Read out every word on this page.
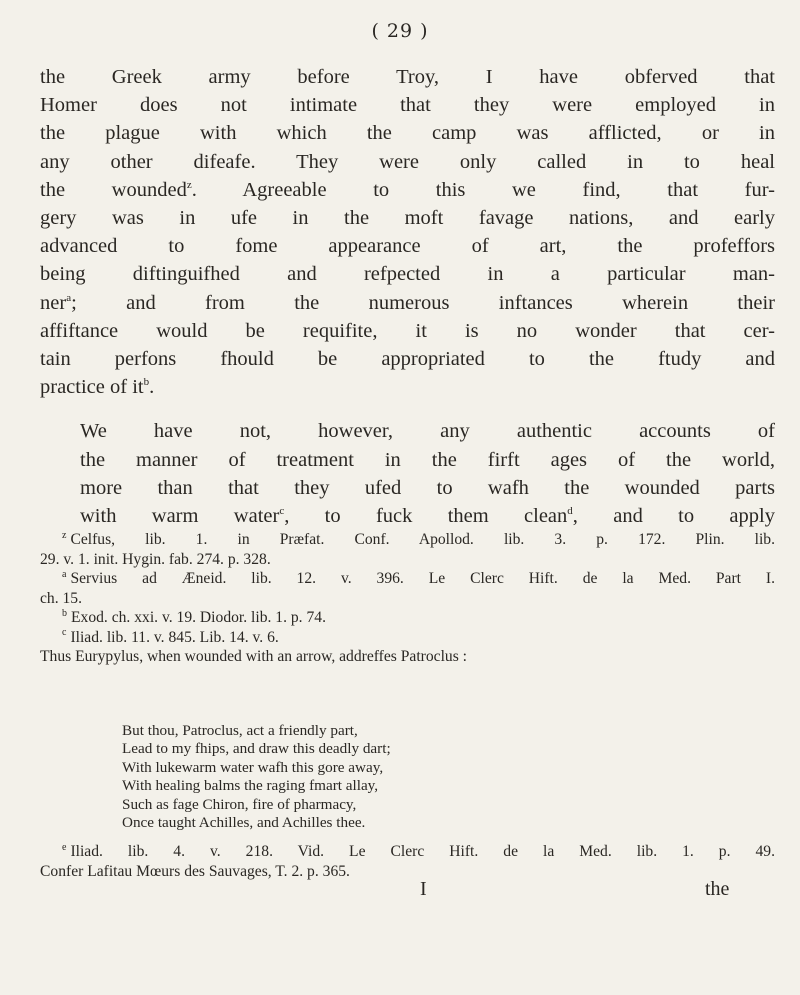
( 29 )

the Greek army before Troy, I have obferved that
Homer does not intimate that they were employed in
the plague with which the camp was afflicted, or in
any other difeafe. They were only called in to heal
the wounded$^z$. Agreeable to this we find, that fur-
gery was in ufe in the moft favage nations, and early
advanced to fome appearance of art, the profeffors
being diftinguifhed and refpected in a particular man-
ner$^a$; and from the numerous inftances wherein their
affiftance would be requifite, it is no wonder that cer-
tain perfons fhould be appropriated to the ftudy and
practice of $it^b$.

We have not, however, any authentic accounts of
the manner of treatment in the firft ages of the world,
more than that they ufed to wafh the wounded parts
with warm water$^c$, to fuck them clean$^d$, and to apply

$^z$ Celfus, lib. 1. in Præfat. Conf. Apollod. lib. 3. p. 172. Plin. lib.
29. v. 1. init. Hygin. fab. 274. p. 328.
$^a$ Servius ad Æneid. lib. 12. v. 396. Le Clerc Hift. de la Med. Part I.
ch. 15.
$^b$ Exod. ch. xxi. v. 19. Diodor. lib. 1. p. 74.
$^c$ Iliad. lib. 11. v. 845. Lib. 14. v. 6.
Thus Eurypylus, when wounded with an arrow, addreffes Patroclus :
But thou, Patroclus, act a friendly part,
Lead to my fhips, and draw this deadly dart;
With lukewarm water wafh this gore away,
With healing balms the raging fmart allay,
Such as fage Chiron, fire of pharmacy,
Once taught Achilles, and Achilles thee.
$^e$ Iliad. lib. 4. v. 218. Vid. Le Clerc Hift. de la Med. lib. 1. p. 49.
Confer Lafitau Mœurs des Sauvages, T. 2. p. 365.
I	the
